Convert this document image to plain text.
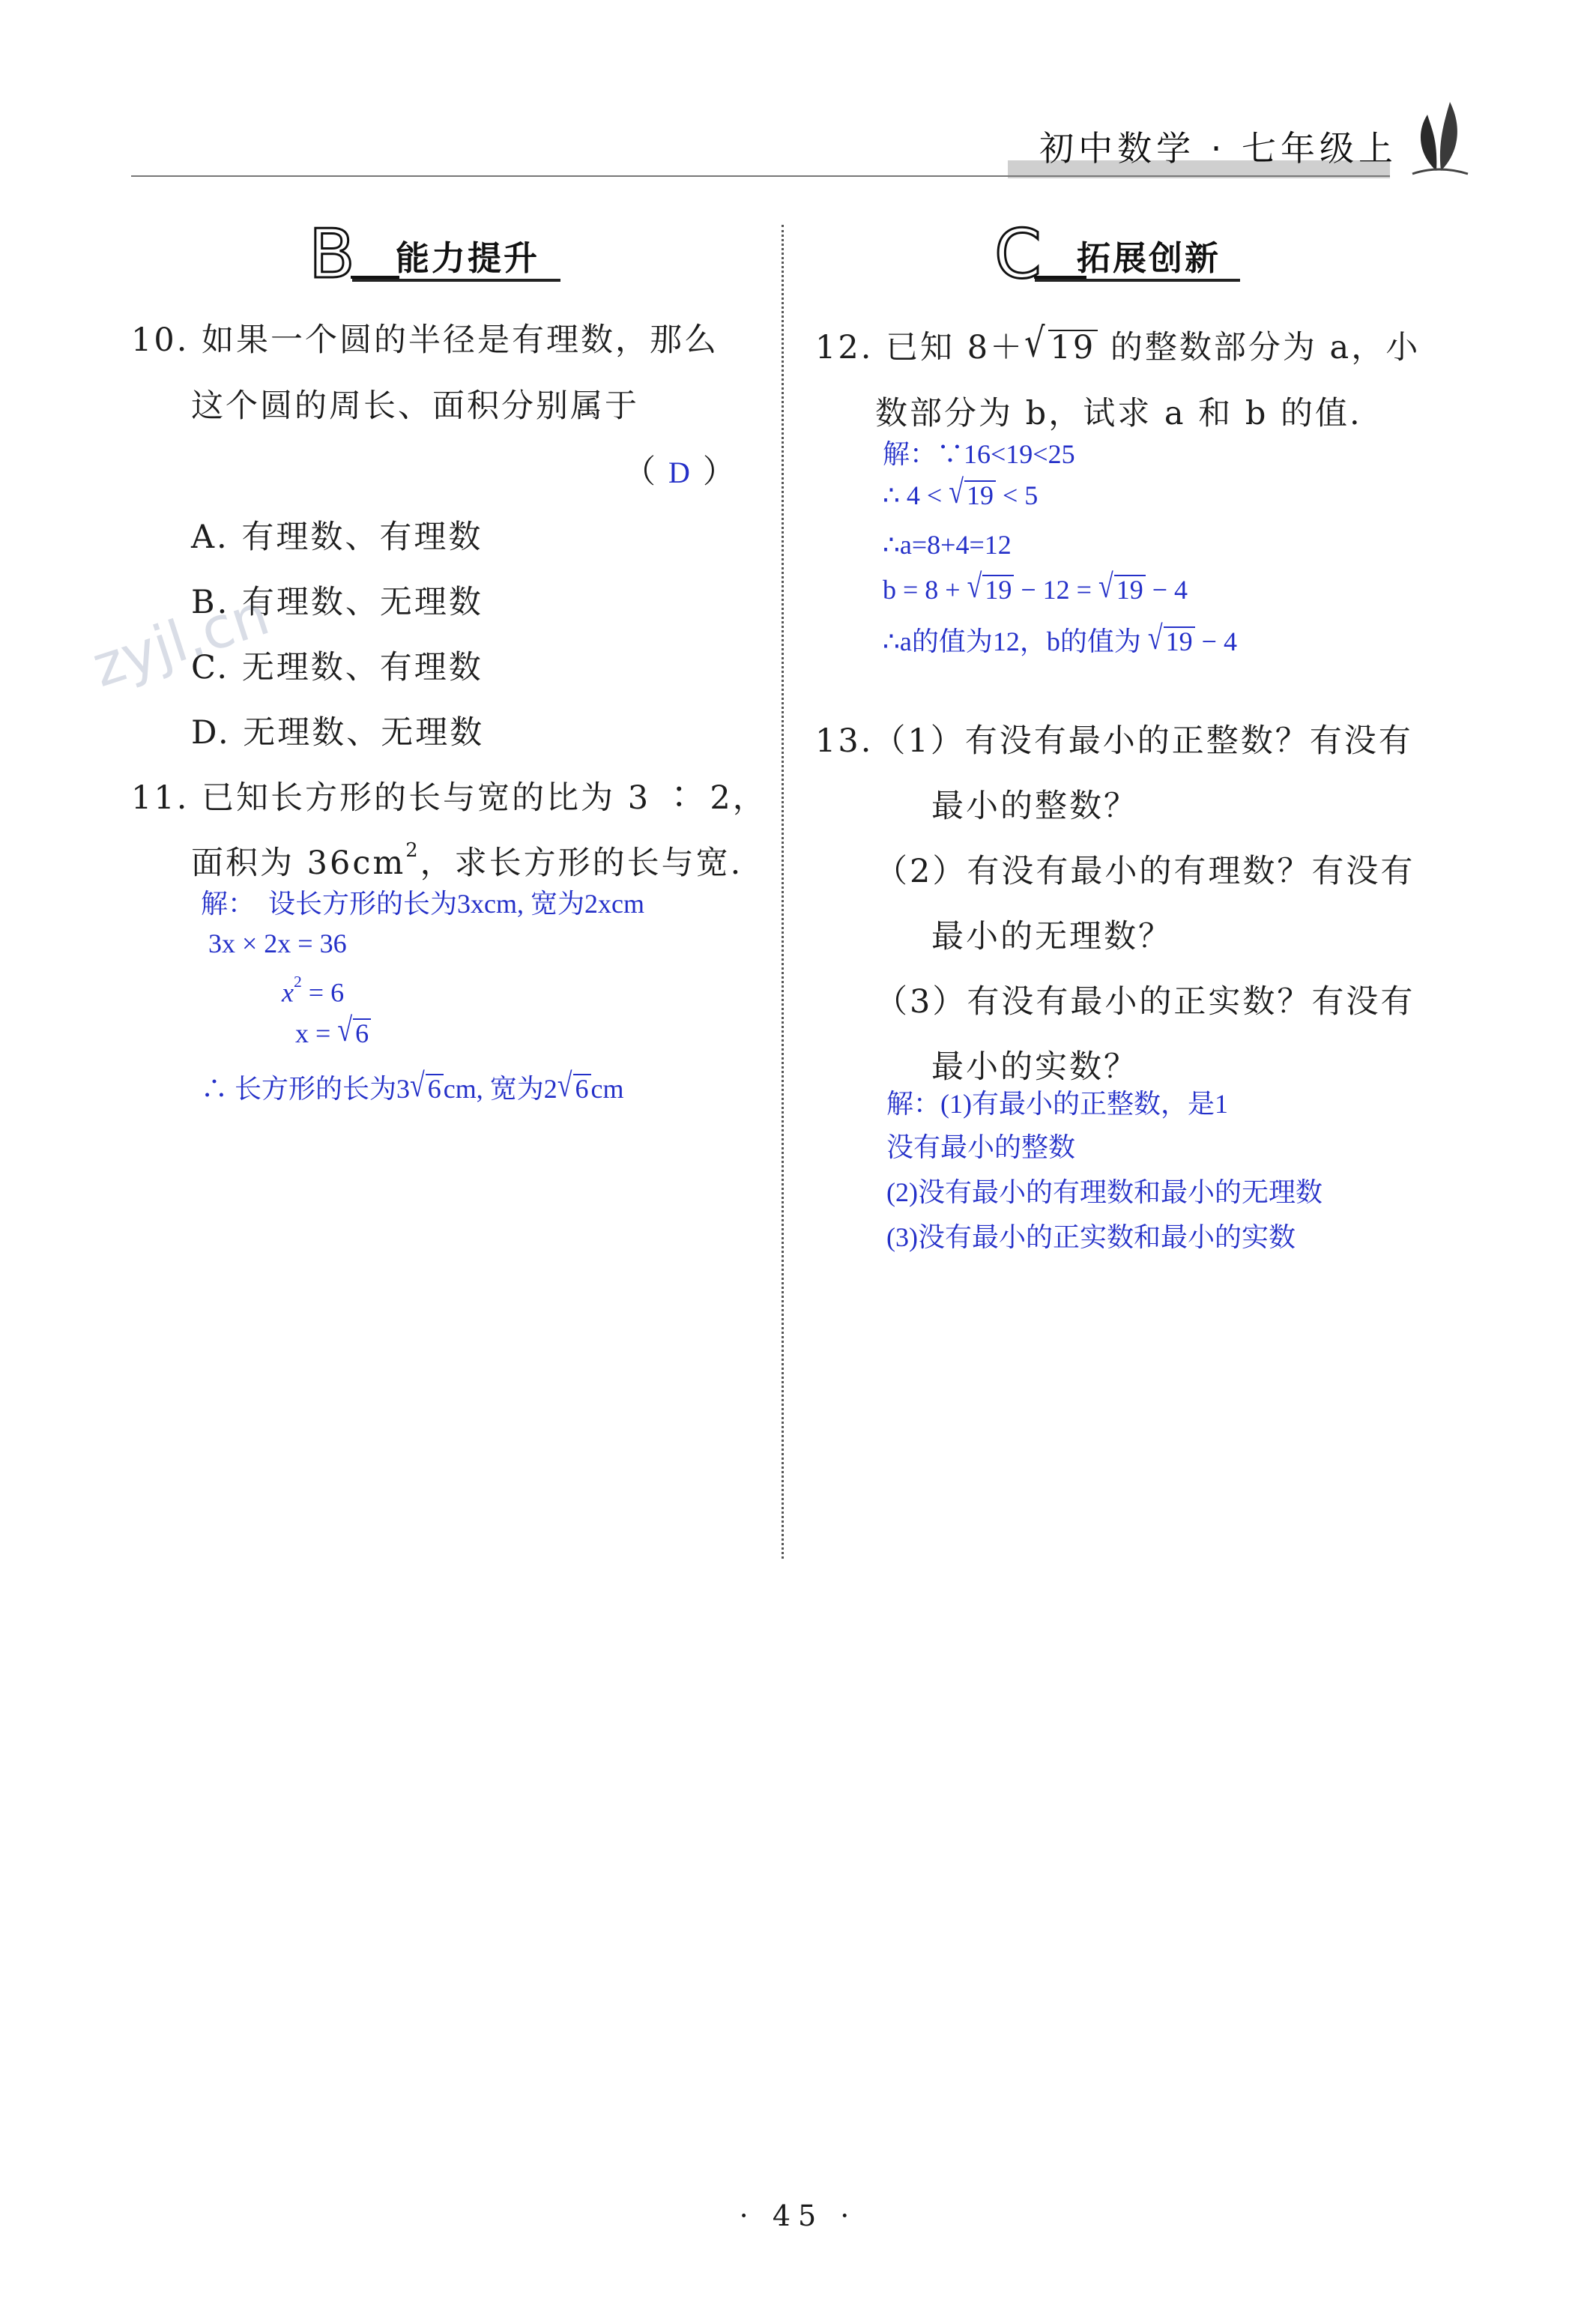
初中数学 · 七年级上
zyjl.cn
B 能力提升	C 拓展创新
10. 如果一个圆的半径是有理数，那么
这个圆的周长、面积分别属于
（ D ）
A. 有理数、有理数
B. 有理数、无理数
C. 无理数、有理数
D. 无理数、无理数
11. 已知长方形的长与宽的比为 3 ∶ 2，
面积为 $36cm^2$，求长方形的长与宽.
解：　设长方形的长为3xcm, 宽为2xcm
3x × 2x = 36
$x^2 = 6$
x = √ 6
∴ 长方形的长为3√ 6cm, 宽为2√ 6cm
12. 已知 8＋√19 的整数部分为 a，小
数部分为 b，试求 a 和 b 的值.
解：∵16<19<25
∴ 4 < √ 19 < 5
∴a=8+4=12
b = 8 + √ 19 − 12 = √ 19 − 4
∴a的值为12，b的值为 √ 19 − 4
13.（1）有没有最小的正整数？有没有
最小的整数？
（2）有没有最小的有理数？有没有
最小的无理数？
（3）有没有最小的正实数？有没有
最小的实数？
解：(1)有最小的正整数，是1
没有最小的整数
(2)没有最小的有理数和最小的无理数
(3)没有最小的正实数和最小的实数
· 45 ·
